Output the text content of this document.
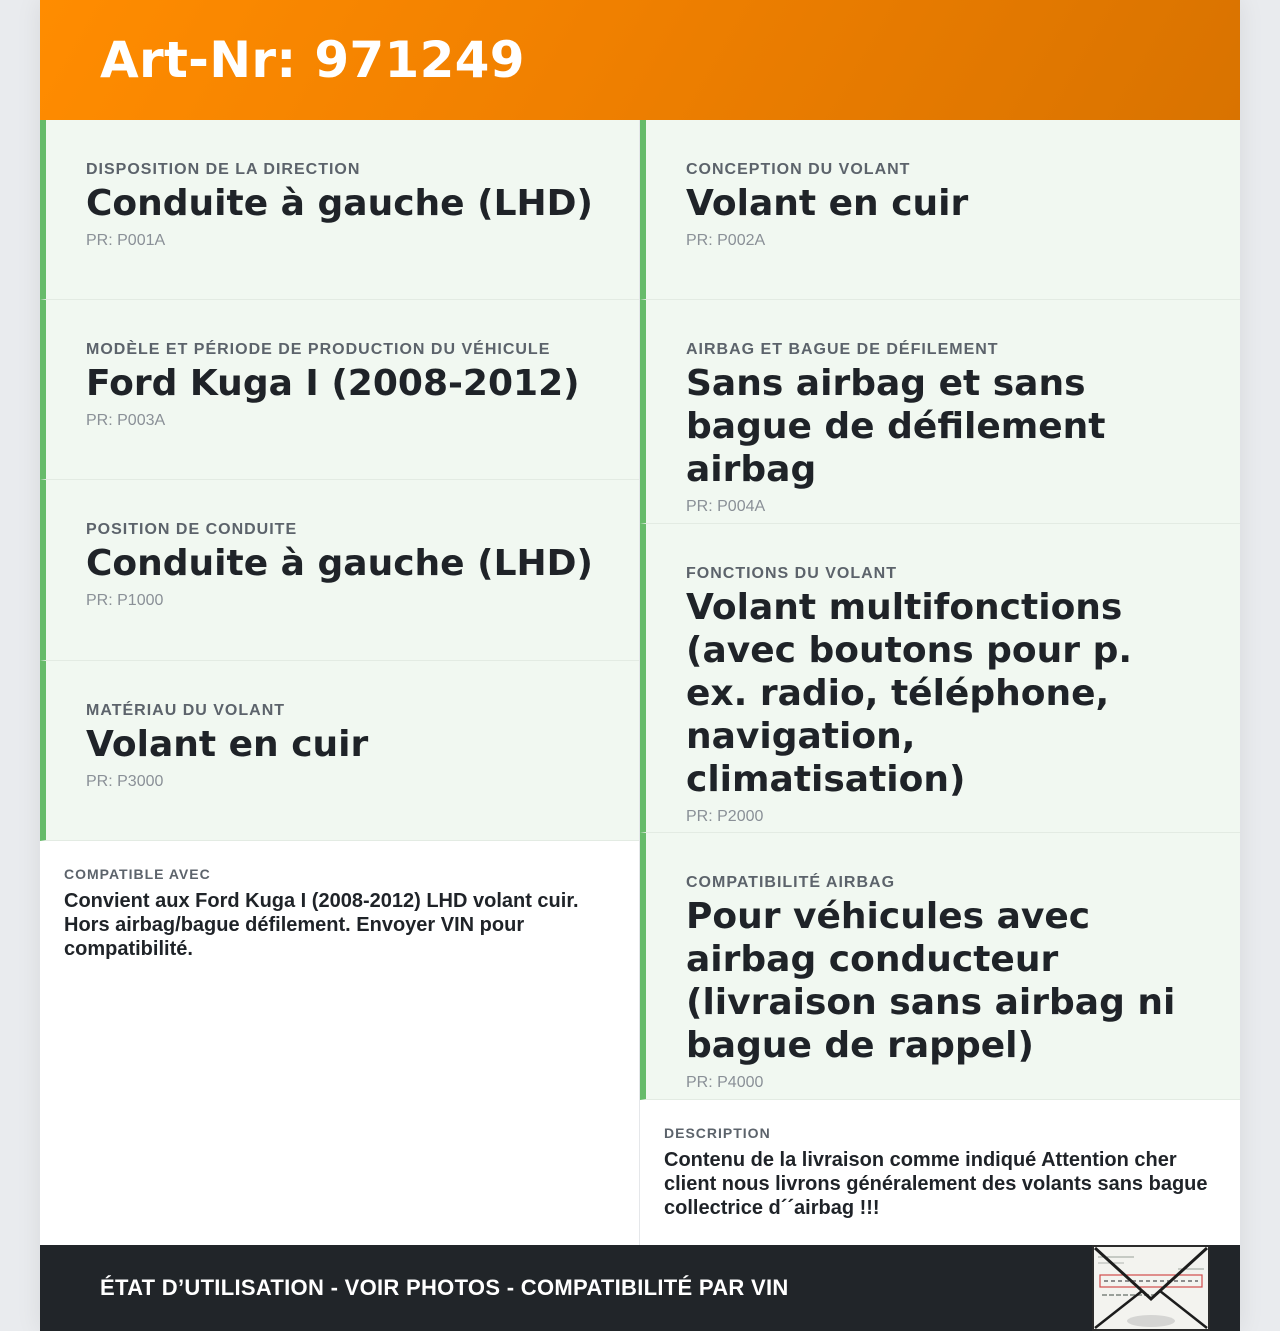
Art-Nr: 971249
DISPOSITION DE LA DIRECTION
Conduite à gauche (LHD)
PR: P001A
MODÈLE ET PÉRIODE DE PRODUCTION DU VÉHICULE
Ford Kuga I (2008-2012)
PR: P003A
POSITION DE CONDUITE
Conduite à gauche (LHD)
PR: P1000
MATÉRIAU DU VOLANT
Volant en cuir
PR: P3000
COMPATIBLE AVEC
Convient aux Ford Kuga I (2008-2012) LHD volant cuir. Hors airbag/bague défilement. Envoyer VIN pour compatibilité.
CONCEPTION DU VOLANT
Volant en cuir
PR: P002A
AIRBAG ET BAGUE DE DÉFILEMENT
Sans airbag et sans bague de défilement airbag
PR: P004A
FONCTIONS DU VOLANT
Volant multifonctions (avec boutons pour p. ex. radio, téléphone, navigation, climatisation)
PR: P2000
COMPATIBILITÉ AIRBAG
Pour véhicules avec airbag conducteur (livraison sans airbag ni bague de rappel)
PR: P4000
DESCRIPTION
Contenu de la livraison comme indiqué Attention cher client nous livrons généralement des volants sans bague collectrice d´´airbag !!!
ÉTAT D’UTILISATION - VOIR PHOTOS - COMPATIBILITÉ PAR VIN
